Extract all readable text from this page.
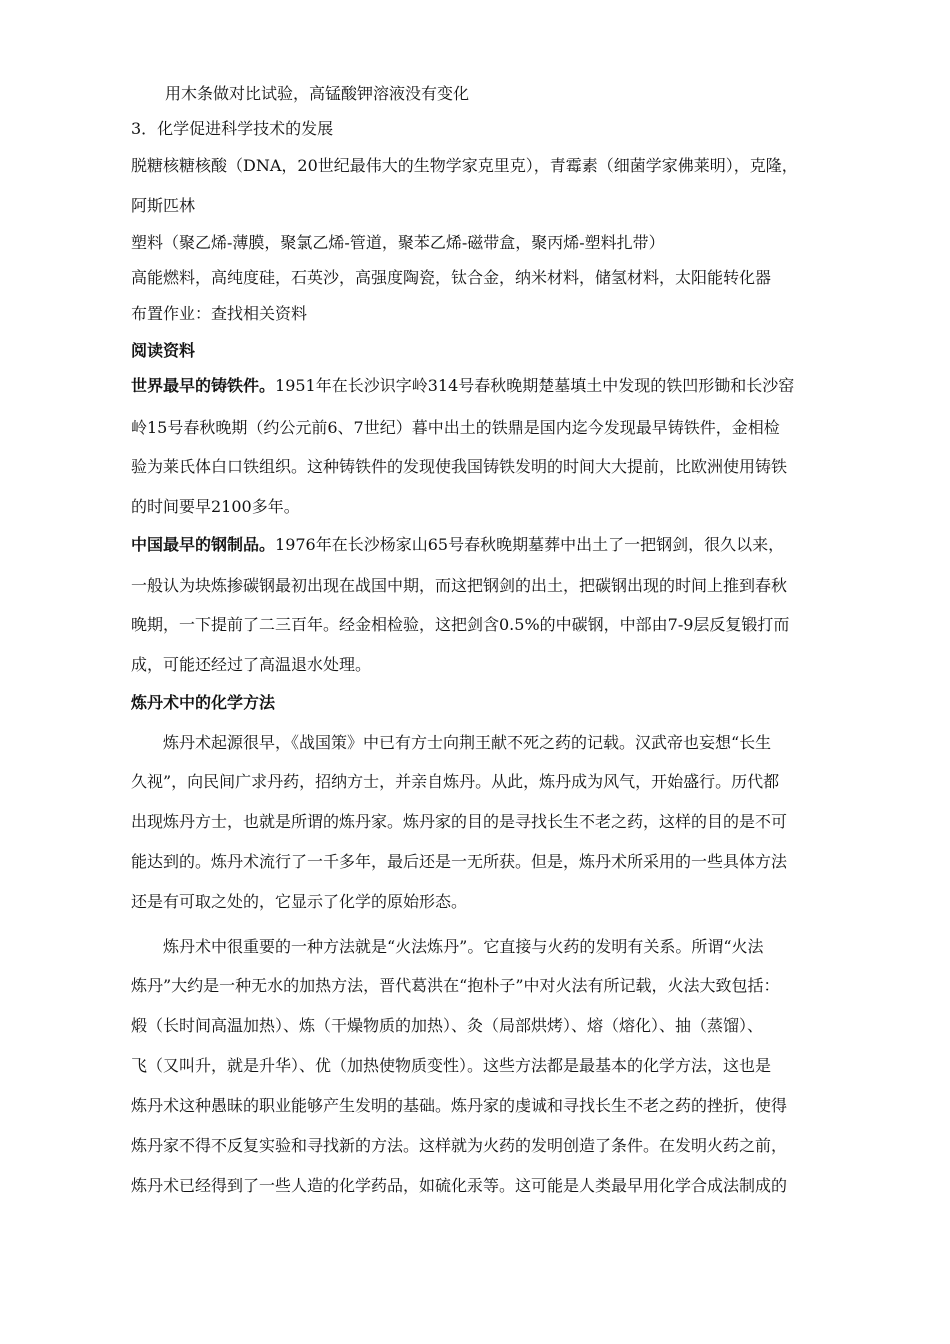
用木条做对比试验，高锰酸钾溶液没有变化
3．化学促进科学技术的发展
脱糖核糖核酸（DNA，20世纪最伟大的生物学家克里克），青霉素（细菌学家佛莱明），克隆，
阿斯匹林
塑料（聚乙烯-薄膜，聚氯乙烯-管道，聚苯乙烯-磁带盒，聚丙烯-塑料扎带）
高能燃料，高纯度硅，石英沙，高强度陶瓷，钛合金，纳米材料，储氢材料，太阳能转化器
布置作业：查找相关资料
阅读资料
世界最早的铸铁件。1951年在长沙识字岭314号春秋晚期楚墓填土中发现的铁凹形锄和长沙窑
岭15号春秋晚期（约公元前6、7世纪）暮中出土的铁鼎是国内迄今发现最早铸铁件，金相检
验为莱氏体白口铁组织。这种铸铁件的发现使我国铸铁发明的时间大大提前，比欧洲使用铸铁
的时间要早2100多年。
中国最早的钢制品。1976年在长沙杨家山65号春秋晚期墓葬中出土了一把钢剑，很久以来，
一般认为块炼掺碳钢最初出现在战国中期，而这把钢剑的出土，把碳钢出现的时间上推到春秋
晚期，一下提前了二三百年。经金相检验，这把剑含0.5%的中碳钢，中部由7-9层反复锻打而
成，可能还经过了高温退水处理。
炼丹术中的化学方法
炼丹术起源很早，《战国策》中已有方士向荆王献不死之药的记载。汉武帝也妄想“长生
久视”，向民间广求丹药，招纳方士，并亲自炼丹。从此，炼丹成为风气，开始盛行。历代都
出现炼丹方士，也就是所谓的炼丹家。炼丹家的目的是寻找长生不老之药，这样的目的是不可
能达到的。炼丹术流行了一千多年，最后还是一无所获。但是，炼丹术所采用的一些具体方法
还是有可取之处的，它显示了化学的原始形态。
炼丹术中很重要的一种方法就是“火法炼丹”。它直接与火药的发明有关系。所谓“火法
炼丹”大约是一种无水的加热方法，晋代葛洪在“抱朴子”中对火法有所记载，火法大致包括：
煅（长时间高温加热）、炼（干燥物质的加热）、灸（局部烘烤）、熔（熔化）、抽（蒸馏）、
飞（又叫升，就是升华）、优（加热使物质变性）。这些方法都是最基本的化学方法，这也是
炼丹术这种愚昧的职业能够产生发明的基础。炼丹家的虔诚和寻找长生不老之药的挫折，使得
炼丹家不得不反复实验和寻找新的方法。这样就为火药的发明创造了条件。在发明火药之前，
炼丹术已经得到了一些人造的化学药品，如硫化汞等。这可能是人类最早用化学合成法制成的
